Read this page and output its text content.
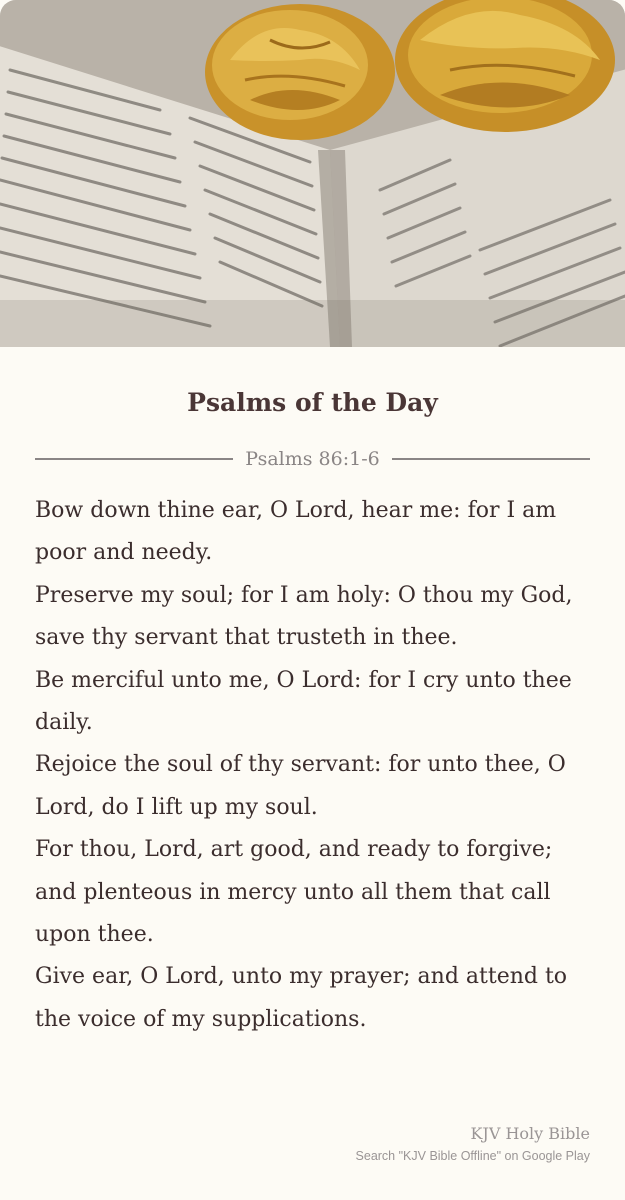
Psalms of the Day
Psalms 86:1-6

Bow down thine ear, O Lord, hear me: for I am poor and needy.

Preserve my soul; for I am holy: O thou my God, save thy servant that trusteth in thee.

Be merciful unto me, O Lord: for I cry unto thee daily.

Rejoice the soul of thy servant: for unto thee, O Lord, do I lift up my soul.

For thou, Lord, art good, and ready to forgive; and plenteous in mercy unto all them that call upon thee.

Give ear, O Lord, unto my prayer; and attend to the voice of my supplications.

KJV Holy Bible
Search "KJV Bible Offline" on Google Play
